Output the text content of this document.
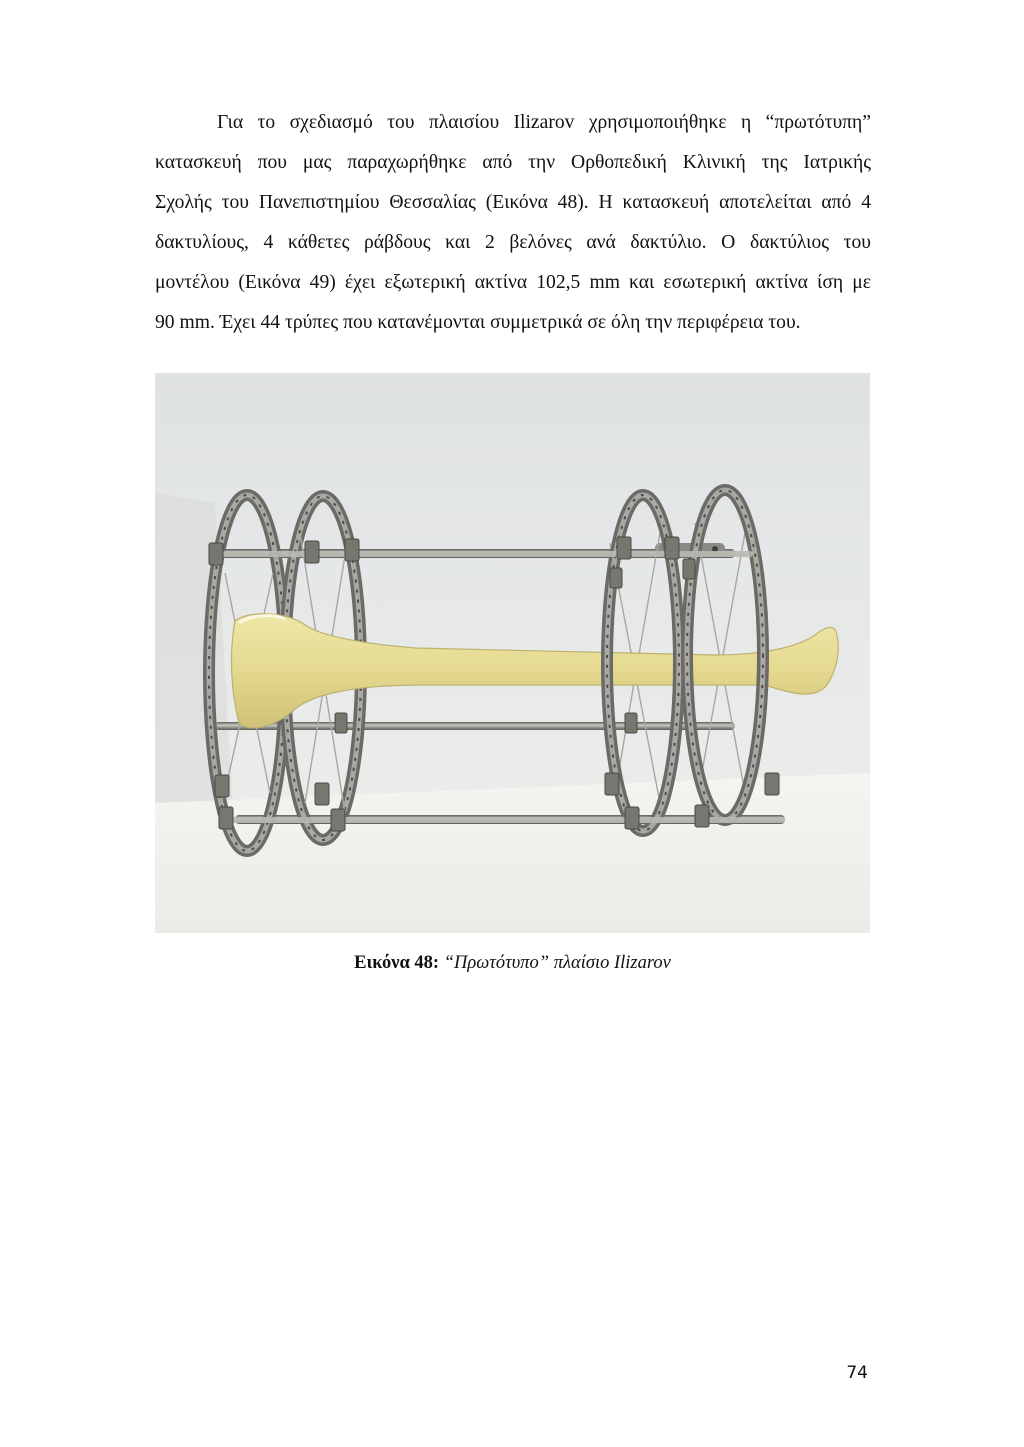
Για το σχεδιασμό του πλαισίου Ilizarov χρησιμοποιήθηκε η “πρωτότυπη”
κατασκευή που μας παραχωρήθηκε από την Ορθοπεδική Κλινική της Ιατρικής
Σχολής του Πανεπιστημίου Θεσσαλίας (Εικόνα 48). Η κατασκευή αποτελείται από 4
δακτυλίους, 4 κάθετες ράβδους και 2 βελόνες ανά δακτύλιο. Ο δακτύλιος του
μοντέλου (Εικόνα 49) έχει εξωτερική ακτίνα 102,5 mm και εσωτερική ακτίνα ίση με
90 mm. Έχει 44 τρύπες που κατανέμονται συμμετρικά σε όλη την περιφέρεια του.
Εικόνα 48: “Πρωτότυπο” πλαίσιο Ilizarov
74
